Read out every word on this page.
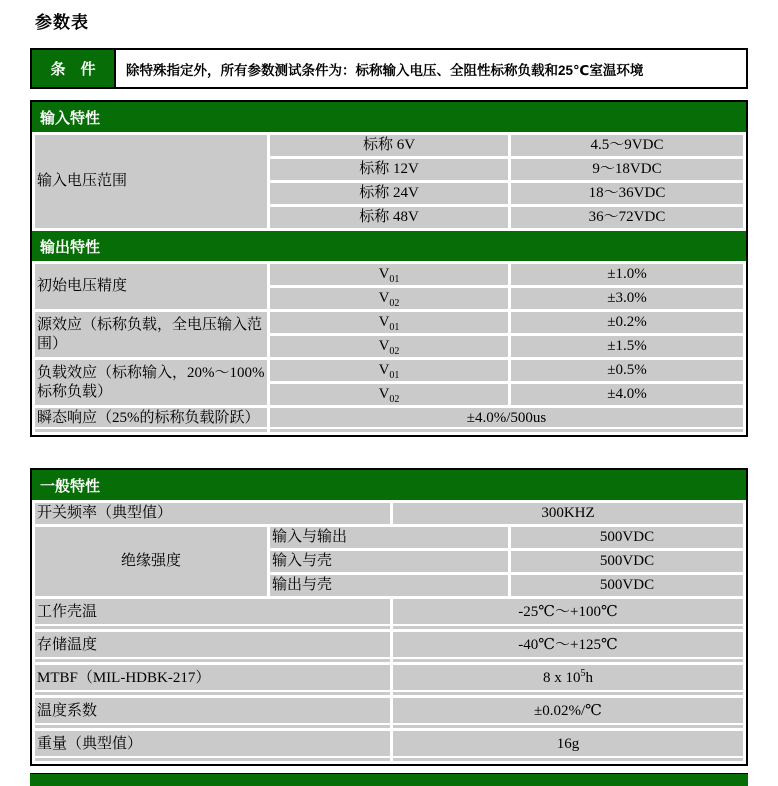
参数表
条　件	除特殊指定外，所有参数测试条件为：标称输入电压、全阻性标称负载和25℃室温环境
输入特性
输入电压范围	标称 6V	4.5～9VDC
	标称 12V	9～18VDC
	标称 24V	18～36VDC
	标称 48V	36～72VDC
输出特性
初始电压精度	$V_{01}$	±1.0%
	$V_{02}$	±3.0%
源效应（标称负载，全电压输入范围）	$V_{01}$	±0.2%
	$V_{02}$	±1.5%
负载效应（标称输入，20%～100%标称负载）	$V_{01}$	±0.5%
	$V_{02}$	±4.0%
瞬态响应（25%的标称负载阶跃）	±4.0%/500us	
一般特性
开关频率（典型值）		300KHZ	
绝缘强度	输入与输出		500VDC
	输入与壳		500VDC
	输出与壳		500VDC
工作壳温		-25℃～+100℃	
存储温度		-40℃～+125℃	
MTBF（MIL-HDBK-217）		8 x $10^5h$	
温度系数		±0.02%/℃	
重量（典型值）		16g	
